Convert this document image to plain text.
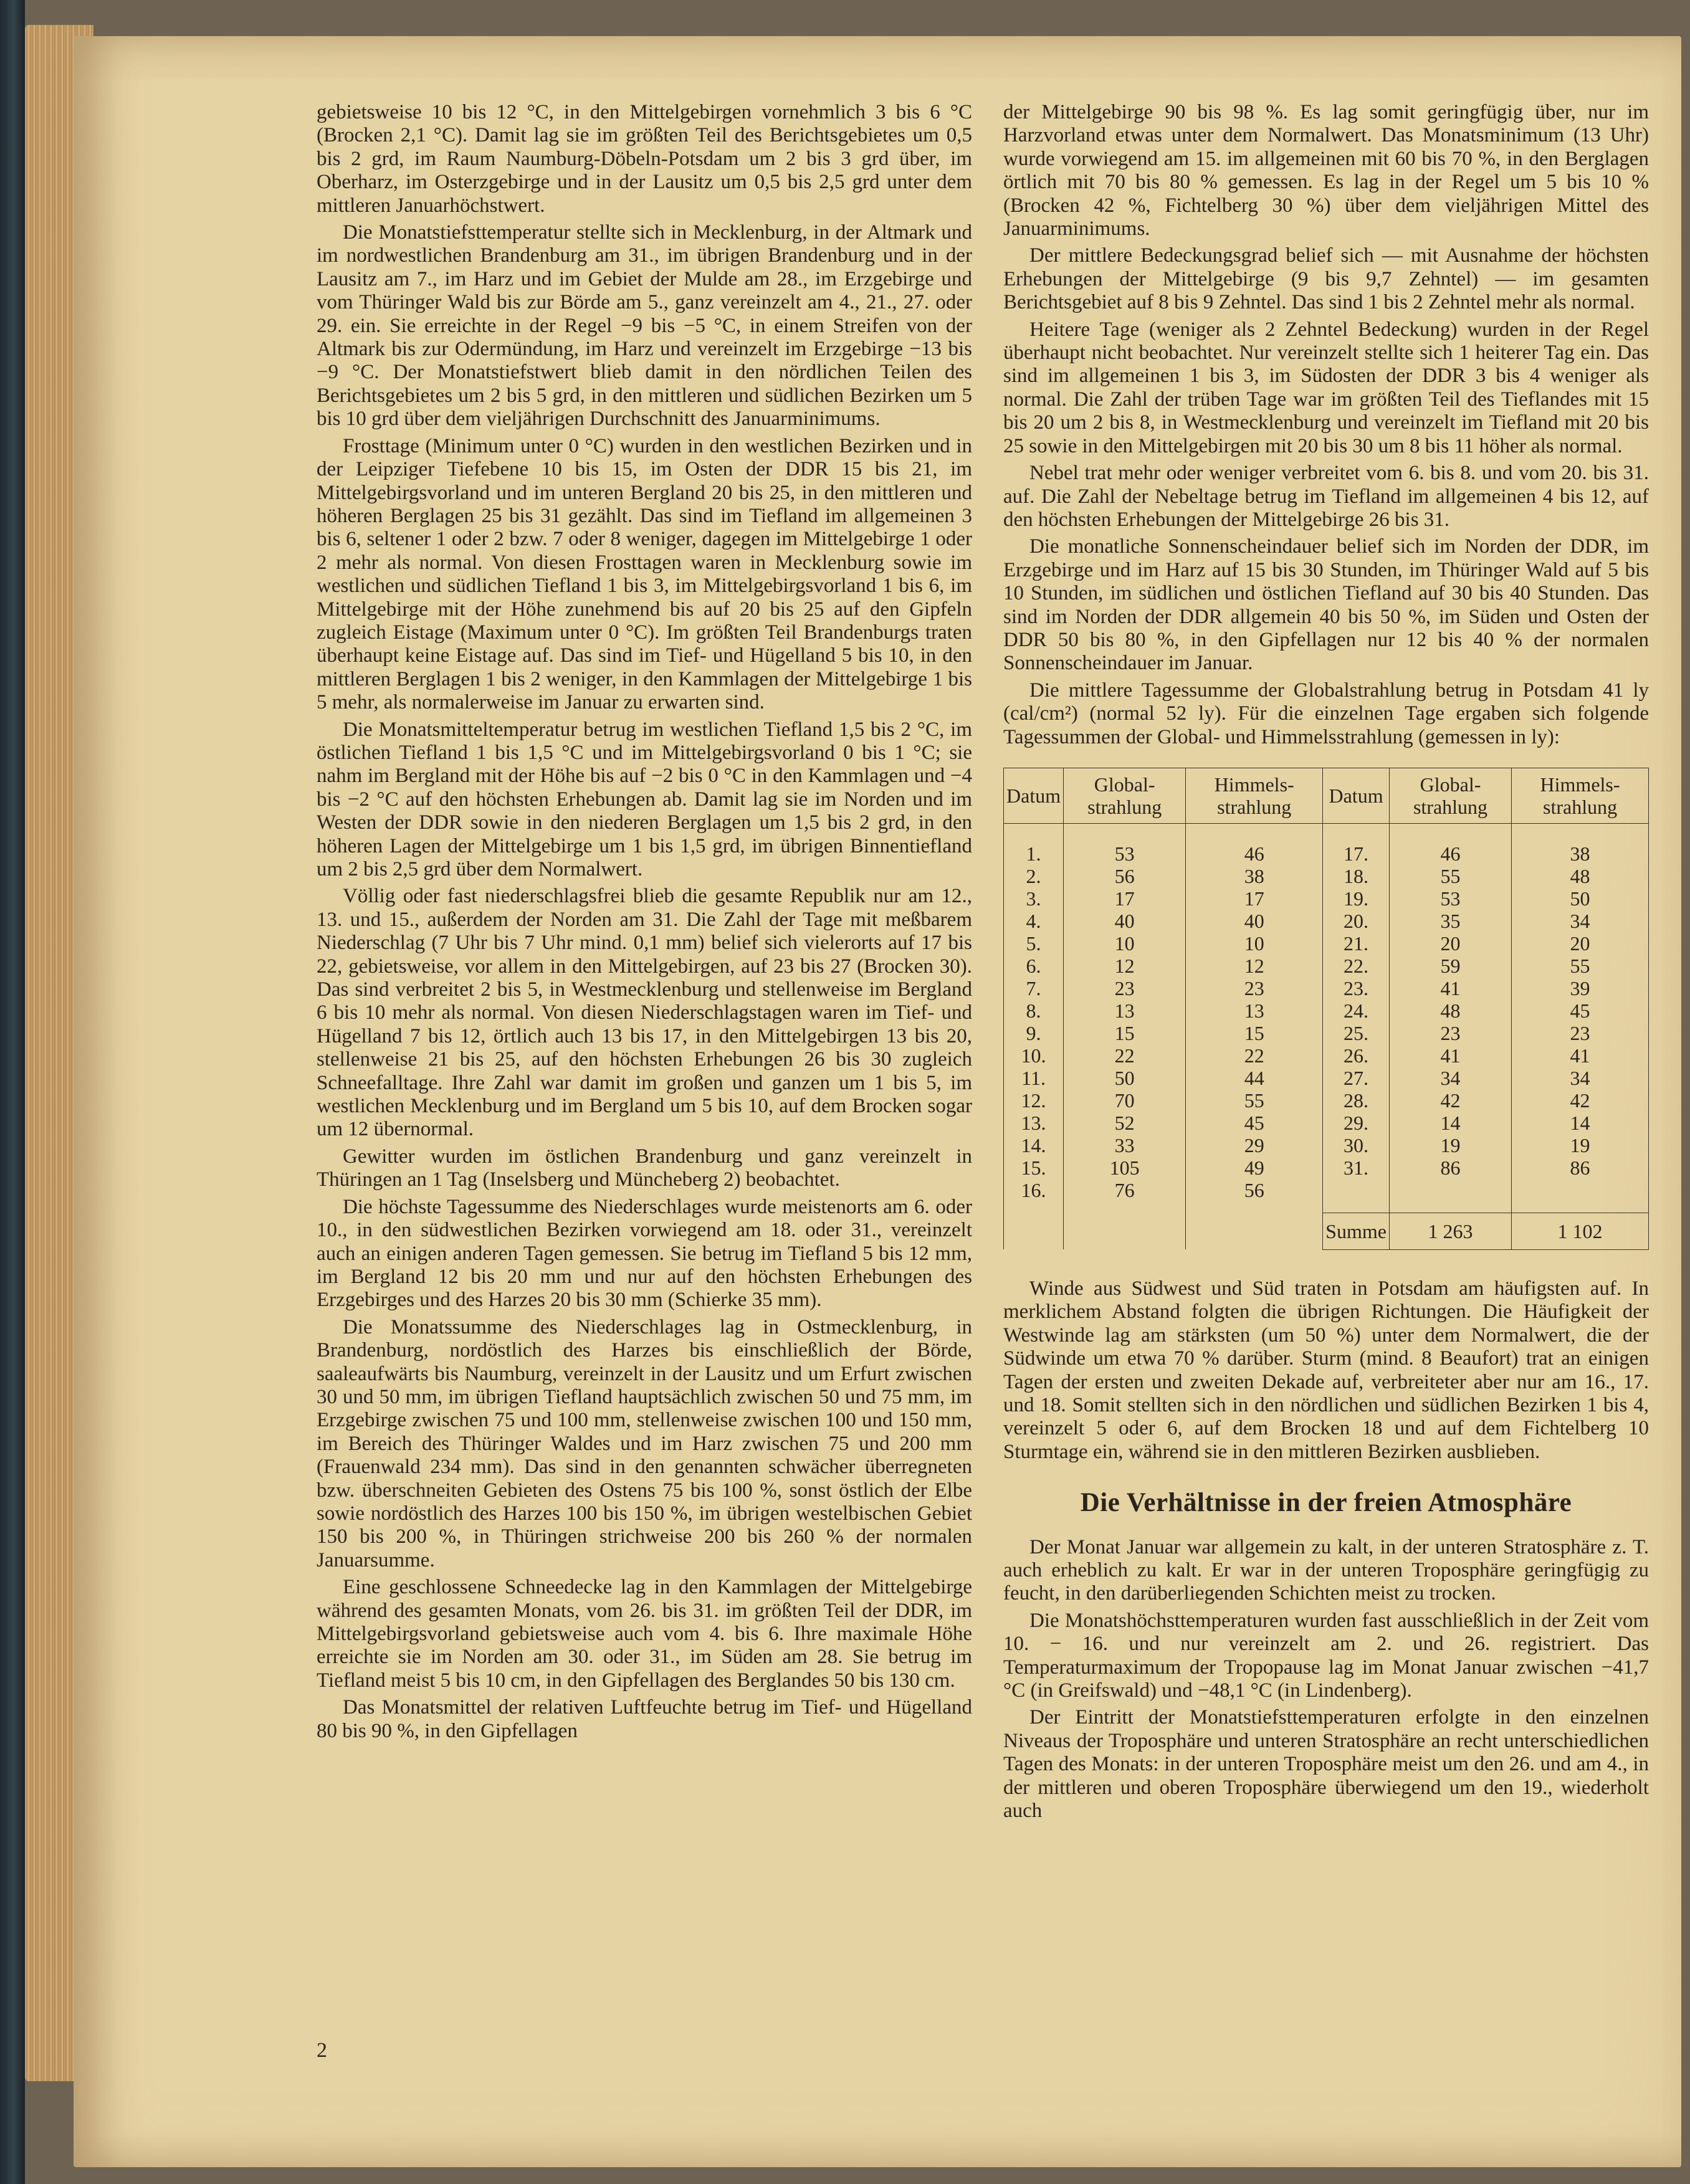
gebietsweise 10 bis 12 °C, in den Mittelgebirgen vornehmlich 3 bis 6 °C (Brocken 2,1 °C). Damit lag sie im größten Teil des Berichtsgebietes um 0,5 bis 2 grd, im Raum Naumburg-Döbeln-Potsdam um 2 bis 3 grd über, im Oberharz, im Osterzgebirge und in der Lausitz um 0,5 bis 2,5 grd unter dem mittleren Januarhöchstwert.

Die Monatstiefsttemperatur stellte sich in Mecklenburg, in der Altmark und im nordwestlichen Brandenburg am 31., im übrigen Brandenburg und in der Lausitz am 7., im Harz und im Gebiet der Mulde am 28., im Erzgebirge und vom Thüringer Wald bis zur Börde am 5., ganz vereinzelt am 4., 21., 27. oder 29. ein. Sie erreichte in der Regel −9 bis −5 °C, in einem Streifen von der Altmark bis zur Odermündung, im Harz und vereinzelt im Erzgebirge −13 bis −9 °C. Der Monatstiefstwert blieb damit in den nördlichen Teilen des Berichtsgebietes um 2 bis 5 grd, in den mittleren und südlichen Bezirken um 5 bis 10 grd über dem vieljährigen Durchschnitt des Januarminimums.

Frosttage (Minimum unter 0 °C) wurden in den westlichen Bezirken und in der Leipziger Tiefebene 10 bis 15, im Osten der DDR 15 bis 21, im Mittelgebirgsvorland und im unteren Bergland 20 bis 25, in den mittleren und höheren Berglagen 25 bis 31 gezählt. Das sind im Tiefland im allgemeinen 3 bis 6, seltener 1 oder 2 bzw. 7 oder 8 weniger, dagegen im Mittelgebirge 1 oder 2 mehr als normal. Von diesen Frosttagen waren in Mecklenburg sowie im westlichen und südlichen Tiefland 1 bis 3, im Mittelgebirgsvorland 1 bis 6, im Mittelgebirge mit der Höhe zunehmend bis auf 20 bis 25 auf den Gipfeln zugleich Eistage (Maximum unter 0 °C). Im größten Teil Brandenburgs traten überhaupt keine Eistage auf. Das sind im Tief- und Hügelland 5 bis 10, in den mittleren Berglagen 1 bis 2 weniger, in den Kammlagen der Mittelgebirge 1 bis 5 mehr, als normalerweise im Januar zu erwarten sind.

Die Monatsmitteltemperatur betrug im westlichen Tiefland 1,5 bis 2 °C, im östlichen Tiefland 1 bis 1,5 °C und im Mittelgebirgsvorland 0 bis 1 °C; sie nahm im Bergland mit der Höhe bis auf −2 bis 0 °C in den Kammlagen und −4 bis −2 °C auf den höchsten Erhebungen ab. Damit lag sie im Norden und im Westen der DDR sowie in den niederen Berglagen um 1,5 bis 2 grd, in den höheren Lagen der Mittelgebirge um 1 bis 1,5 grd, im übrigen Binnentiefland um 2 bis 2,5 grd über dem Normalwert.

Völlig oder fast niederschlagsfrei blieb die gesamte Republik nur am 12., 13. und 15., außerdem der Norden am 31. Die Zahl der Tage mit meßbarem Niederschlag (7 Uhr bis 7 Uhr mind. 0,1 mm) belief sich vielerorts auf 17 bis 22, gebietsweise, vor allem in den Mittelgebirgen, auf 23 bis 27 (Brocken 30). Das sind verbreitet 2 bis 5, in Westmecklenburg und stellenweise im Bergland 6 bis 10 mehr als normal. Von diesen Niederschlagstagen waren im Tief- und Hügelland 7 bis 12, örtlich auch 13 bis 17, in den Mittelgebirgen 13 bis 20, stellenweise 21 bis 25, auf den höchsten Erhebungen 26 bis 30 zugleich Schneefalltage. Ihre Zahl war damit im großen und ganzen um 1 bis 5, im westlichen Mecklenburg und im Bergland um 5 bis 10, auf dem Brocken sogar um 12 übernormal.

Gewitter wurden im östlichen Brandenburg und ganz vereinzelt in Thüringen an 1 Tag (Inselsberg und Müncheberg 2) beobachtet.

Die höchste Tagessumme des Niederschlages wurde meistenorts am 6. oder 10., in den südwestlichen Bezirken vorwiegend am 18. oder 31., vereinzelt auch an einigen anderen Tagen gemessen. Sie betrug im Tiefland 5 bis 12 mm, im Bergland 12 bis 20 mm und nur auf den höchsten Erhebungen des Erzgebirges und des Harzes 20 bis 30 mm (Schierke 35 mm).

Die Monatssumme des Niederschlages lag in Ostmecklenburg, in Brandenburg, nordöstlich des Harzes bis einschließlich der Börde, saaleaufwärts bis Naumburg, vereinzelt in der Lausitz und um Erfurt zwischen 30 und 50 mm, im übrigen Tiefland hauptsächlich zwischen 50 und 75 mm, im Erzgebirge zwischen 75 und 100 mm, stellenweise zwischen 100 und 150 mm, im Bereich des Thüringer Waldes und im Harz zwischen 75 und 200 mm (Frauenwald 234 mm). Das sind in den genannten schwächer überregneten bzw. überschneiten Gebieten des Ostens 75 bis 100 %, sonst östlich der Elbe sowie nordöstlich des Harzes 100 bis 150 %, im übrigen westelbischen Gebiet 150 bis 200 %, in Thüringen strichweise 200 bis 260 % der normalen Januarsumme.

Eine geschlossene Schneedecke lag in den Kammlagen der Mittelgebirge während des gesamten Monats, vom 26. bis 31. im größten Teil der DDR, im Mittelgebirgsvorland gebietsweise auch vom 4. bis 6. Ihre maximale Höhe erreichte sie im Norden am 30. oder 31., im Süden am 28. Sie betrug im Tiefland meist 5 bis 10 cm, in den Gipfellagen des Berglandes 50 bis 130 cm.

Das Monatsmittel der relativen Luftfeuchte betrug im Tief- und Hügelland 80 bis 90 %, in den Gipfellagen

der Mittelgebirge 90 bis 98 %. Es lag somit geringfügig über, nur im Harzvorland etwas unter dem Normalwert. Das Monatsminimum (13 Uhr) wurde vorwiegend am 15. im allgemeinen mit 60 bis 70 %, in den Berglagen örtlich mit 70 bis 80 % gemessen. Es lag in der Regel um 5 bis 10 % (Brocken 42 %, Fichtelberg 30 %) über dem vieljährigen Mittel des Januarminimums.

Der mittlere Bedeckungsgrad belief sich — mit Ausnahme der höchsten Erhebungen der Mittelgebirge (9 bis 9,7 Zehntel) — im gesamten Berichtsgebiet auf 8 bis 9 Zehntel. Das sind 1 bis 2 Zehntel mehr als normal.

Heitere Tage (weniger als 2 Zehntel Bedeckung) wurden in der Regel überhaupt nicht beobachtet. Nur vereinzelt stellte sich 1 heiterer Tag ein. Das sind im allgemeinen 1 bis 3, im Südosten der DDR 3 bis 4 weniger als normal. Die Zahl der trüben Tage war im größten Teil des Tieflandes mit 15 bis 20 um 2 bis 8, in Westmecklenburg und vereinzelt im Tiefland mit 20 bis 25 sowie in den Mittelgebirgen mit 20 bis 30 um 8 bis 11 höher als normal.

Nebel trat mehr oder weniger verbreitet vom 6. bis 8. und vom 20. bis 31. auf. Die Zahl der Nebeltage betrug im Tiefland im allgemeinen 4 bis 12, auf den höchsten Erhebungen der Mittelgebirge 26 bis 31.

Die monatliche Sonnenscheindauer belief sich im Norden der DDR, im Erzgebirge und im Harz auf 15 bis 30 Stunden, im Thüringer Wald auf 5 bis 10 Stunden, im südlichen und östlichen Tiefland auf 30 bis 40 Stunden. Das sind im Norden der DDR allgemein 40 bis 50 %, im Süden und Osten der DDR 50 bis 80 %, in den Gipfellagen nur 12 bis 40 % der normalen Sonnenscheindauer im Januar.

Die mittlere Tagessumme der Globalstrahlung betrug in Potsdam 41 ly (cal/cm²) (normal 52 ly). Für die einzelnen Tage ergaben sich folgende Tagessummen der Global- und Himmelsstrahlung (gemessen in ly):

Datum	Global-strahlung	Himmels-strahlung	Datum	Global-strahlung	Himmels-strahlung
1.	53	46	17.	46	38
2.	56	38	18.	55	48
3.	17	17	19.	53	50
4.	40	40	20.	35	34
5.	10	10	21.	20	20
6.	12	12	22.	59	55
7.	23	23	23.	41	39
8.	13	13	24.	48	45
9.	15	15	25.	23	23
10.	22	22	26.	41	41
11.	50	44	27.	34	34
12.	70	55	28.	42	42
13.	52	45	29.	14	14
14.	33	29	30.	19	19
15.	105	49	31.	86	86
16.	76	56			
			Summe	1 263	1 102

Winde aus Südwest und Süd traten in Potsdam am häufigsten auf. In merklichem Abstand folgten die übrigen Richtungen. Die Häufigkeit der Westwinde lag am stärksten (um 50 %) unter dem Normalwert, die der Südwinde um etwa 70 % darüber. Sturm (mind. 8 Beaufort) trat an einigen Tagen der ersten und zweiten Dekade auf, verbreiteter aber nur am 16., 17. und 18. Somit stellten sich in den nördlichen und südlichen Bezirken 1 bis 4, vereinzelt 5 oder 6, auf dem Brocken 18 und auf dem Fichtelberg 10 Sturmtage ein, während sie in den mittleren Bezirken ausblieben.

Die Verhältnisse in der freien Atmosphäre

Der Monat Januar war allgemein zu kalt, in der unteren Stratosphäre z. T. auch erheblich zu kalt. Er war in der unteren Troposphäre geringfügig zu feucht, in den darüberliegenden Schichten meist zu trocken.

Die Monatshöchsttemperaturen wurden fast ausschließlich in der Zeit vom 10. − 16. und nur vereinzelt am 2. und 26. registriert. Das Temperaturmaximum der Tropopause lag im Monat Januar zwischen −41,7 °C (in Greifswald) und −48,1 °C (in Lindenberg).

Der Eintritt der Monatstiefsttemperaturen erfolgte in den einzelnen Niveaus der Troposphäre und unteren Stratosphäre an recht unterschiedlichen Tagen des Monats: in der unteren Troposphäre meist um den 26. und am 4., in der mittleren und oberen Troposphäre überwiegend um den 19., wiederholt auch

2
